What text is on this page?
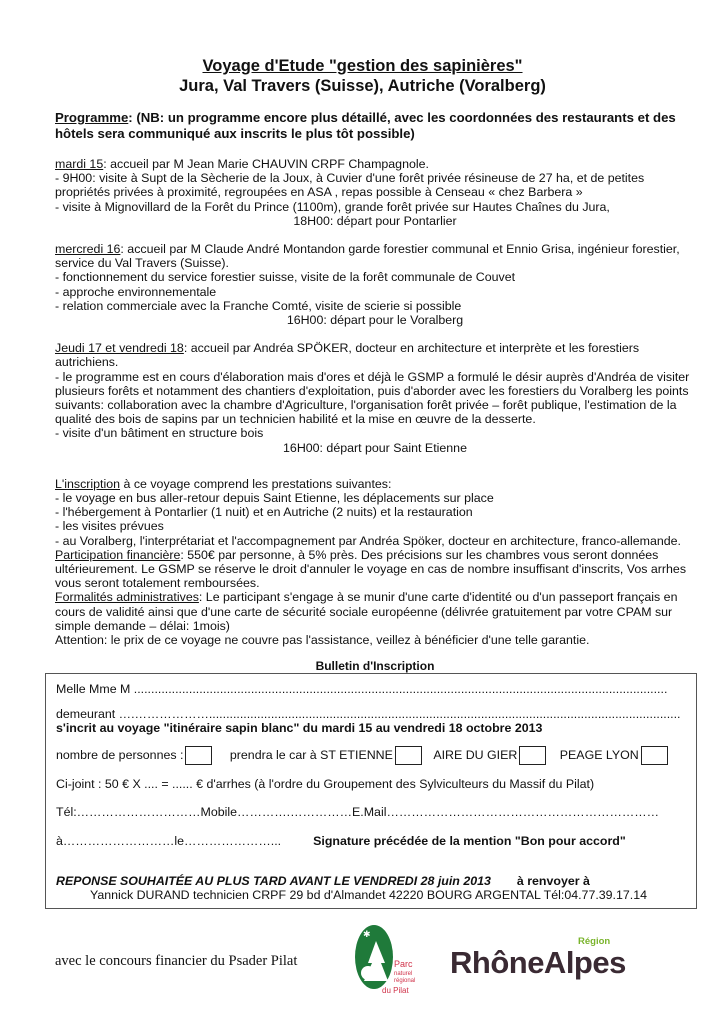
Voyage d'Etude "gestion des sapinières"
Jura, Val Travers (Suisse), Autriche (Voralberg)
Programme: (NB: un programme encore plus détaillé, avec les coordonnées des restaurants et des hôtels sera communiqué aux inscrits le plus tôt possible)

mardi 15: accueil par M Jean Marie CHAUVIN CRPF Champagnole.

- 9H00: visite à Supt de la Sècherie de la Joux, à Cuvier d'une forêt privée résineuse de 27 ha, et de petites propriétés privées à proximité, regroupées en ASA , repas possible à Censeau « chez Barbera »

- visite à Mignovillard de la Forêt du Prince (1100m), grande forêt privée sur Hautes Chaînes du Jura,

18H00: départ pour Pontarlier

mercredi 16: accueil par M Claude André Montandon garde forestier communal et Ennio Grisa, ingénieur forestier, service du Val Travers (Suisse).

- fonctionnement du service forestier suisse, visite de la forêt communale de Couvet

- approche environnementale

- relation commerciale avec la Franche Comté, visite de scierie si possible

16H00: départ pour le Voralberg

Jeudi 17 et vendredi 18: accueil par Andréa SPÖKER, docteur en architecture et interprète et les forestiers autrichiens.

- le programme est en cours d'élaboration mais d'ores et déjà le GSMP a formulé le désir auprès d'Andréa de visiter plusieurs forêts et notamment des chantiers d'exploitation, puis d'aborder avec les forestiers du Voralberg les points suivants: collaboration avec la chambre d'Agriculture, l'organisation forêt privée – forêt publique, l'estimation de la qualité des bois de sapins par un technicien habilité et la mise en œuvre de la desserte.

- visite d'un bâtiment en structure bois

16H00: départ pour Saint Etienne

L'inscription à ce voyage comprend les prestations suivantes:

- le voyage en bus aller-retour depuis Saint Etienne, les déplacements sur place

- l'hébergement à Pontarlier (1 nuit) et en Autriche (2 nuits) et la restauration

- les visites prévues

- au Voralberg, l'interprétariat et l'accompagnement par Andréa Spöker, docteur en architecture, franco-allemande.

Participation financière: 550€ par personne, à 5% près. Des précisions sur les chambres vous seront données ultérieurement. Le GSMP se réserve le droit d'annuler le voyage en cas de nombre insuffisant d'inscrits, Vos arrhes vous seront totalement remboursées.

Formalités administratives: Le participant s'engage à se munir d'une carte d'identité ou d'un passeport français en cours de validité ainsi que d'une carte de sécurité sociale européenne (délivrée gratuitement par votre CPAM sur simple demande – délai: 1mois)

Attention: le prix de ce voyage ne couvre pas l'assistance, veillez à bénéficier d'une telle garantie.

Bulletin d'Inscription
Melle Mme M ...........................................................................................................................................................
demeurant ….……………….........................................................................................................................................
s'incrit au voyage "itinéraire sapin blanc" du mardi 15 au vendredi 18 octobre 2013
nombre de personnes :	prendra le car à ST ETIENNE	AIRE DU GIER	PEAGE LYON
Ci-joint : 50 € X .... = ...... € d'arrhes (à l'ordre du Groupement des Sylviculteurs du Massif du Pilat)
Tél:…………………………Mobile………….……………E.Mail…………………………………………………………
à………………………le…………………...	Signature précédée de la mention "Bon pour accord"
REPONSE SOUHAITÉE AU PLUS TARD AVANT LE VENDREDI 28 juin 2013 à renvoyer à
Yannick DURAND technicien CRPF 29 bd d'Almandet 42220 BOURG ARGENTAL Tél:04.77.39.17.14
avec le concours financier du Psader Pilat
✱
Parc
naturel
régional
du Pilat
Région
RhôneAlpes
